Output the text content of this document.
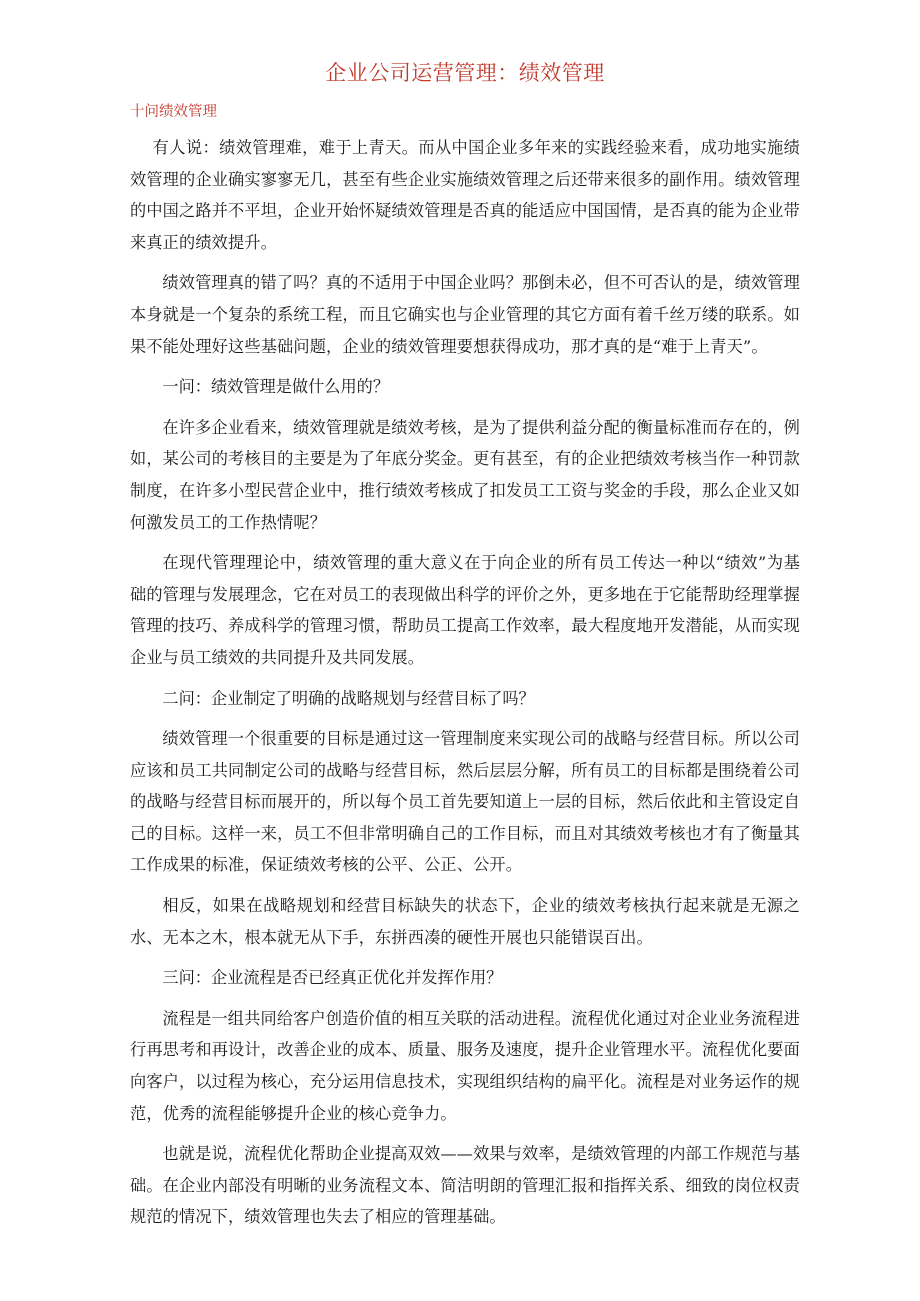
企业公司运营管理：绩效管理
十问绩效管理

有人说：绩效管理难，难于上青天。而从中国企业多年来的实践经验来看，成功地实施绩效管理的企业确实寥寥无几，甚至有些企业实施绩效管理之后还带来很多的副作用。绩效管理的中国之路并不平坦，企业开始怀疑绩效管理是否真的能适应中国国情，是否真的能为企业带来真正的绩效提升。

绩效管理真的错了吗？真的不适用于中国企业吗？那倒未必，但不可否认的是，绩效管理本身就是一个复杂的系统工程，而且它确实也与企业管理的其它方面有着千丝万缕的联系。如果不能处理好这些基础问题，企业的绩效管理要想获得成功，那才真的是“难于上青天”。

一问：绩效管理是做什么用的？

在许多企业看来，绩效管理就是绩效考核，是为了提供利益分配的衡量标准而存在的，例如，某公司的考核目的主要是为了年底分奖金。更有甚至，有的企业把绩效考核当作一种罚款制度，在许多小型民营企业中，推行绩效考核成了扣发员工工资与奖金的手段，那么企业又如何激发员工的工作热情呢？

在现代管理理论中，绩效管理的重大意义在于向企业的所有员工传达一种以“绩效”为基础的管理与发展理念，它在对员工的表现做出科学的评价之外，更多地在于它能帮助经理掌握管理的技巧、养成科学的管理习惯，帮助员工提高工作效率，最大程度地开发潜能，从而实现企业与员工绩效的共同提升及共同发展。

二问：企业制定了明确的战略规划与经营目标了吗？

绩效管理一个很重要的目标是通过这一管理制度来实现公司的战略与经营目标。所以公司应该和员工共同制定公司的战略与经营目标，然后层层分解，所有员工的目标都是围绕着公司的战略与经营目标而展开的，所以每个员工首先要知道上一层的目标，然后依此和主管设定自己的目标。这样一来，员工不但非常明确自己的工作目标，而且对其绩效考核也才有了衡量其工作成果的标准，保证绩效考核的公平、公正、公开。

相反，如果在战略规划和经营目标缺失的状态下，企业的绩效考核执行起来就是无源之水、无本之木，根本就无从下手，东拼西凑的硬性开展也只能错误百出。

三问：企业流程是否已经真正优化并发挥作用？

流程是一组共同给客户创造价值的相互关联的活动进程。流程优化通过对企业业务流程进行再思考和再设计，改善企业的成本、质量、服务及速度，提升企业管理水平。流程优化要面向客户，以过程为核心，充分运用信息技术，实现组织结构的扁平化。流程是对业务运作的规范，优秀的流程能够提升企业的核心竞争力。

也就是说，流程优化帮助企业提高双效——效果与效率，是绩效管理的内部工作规范与基础。在企业内部没有明晰的业务流程文本、简洁明朗的管理汇报和指挥关系、细致的岗位权责规范的情况下，绩效管理也失去了相应的管理基础。
